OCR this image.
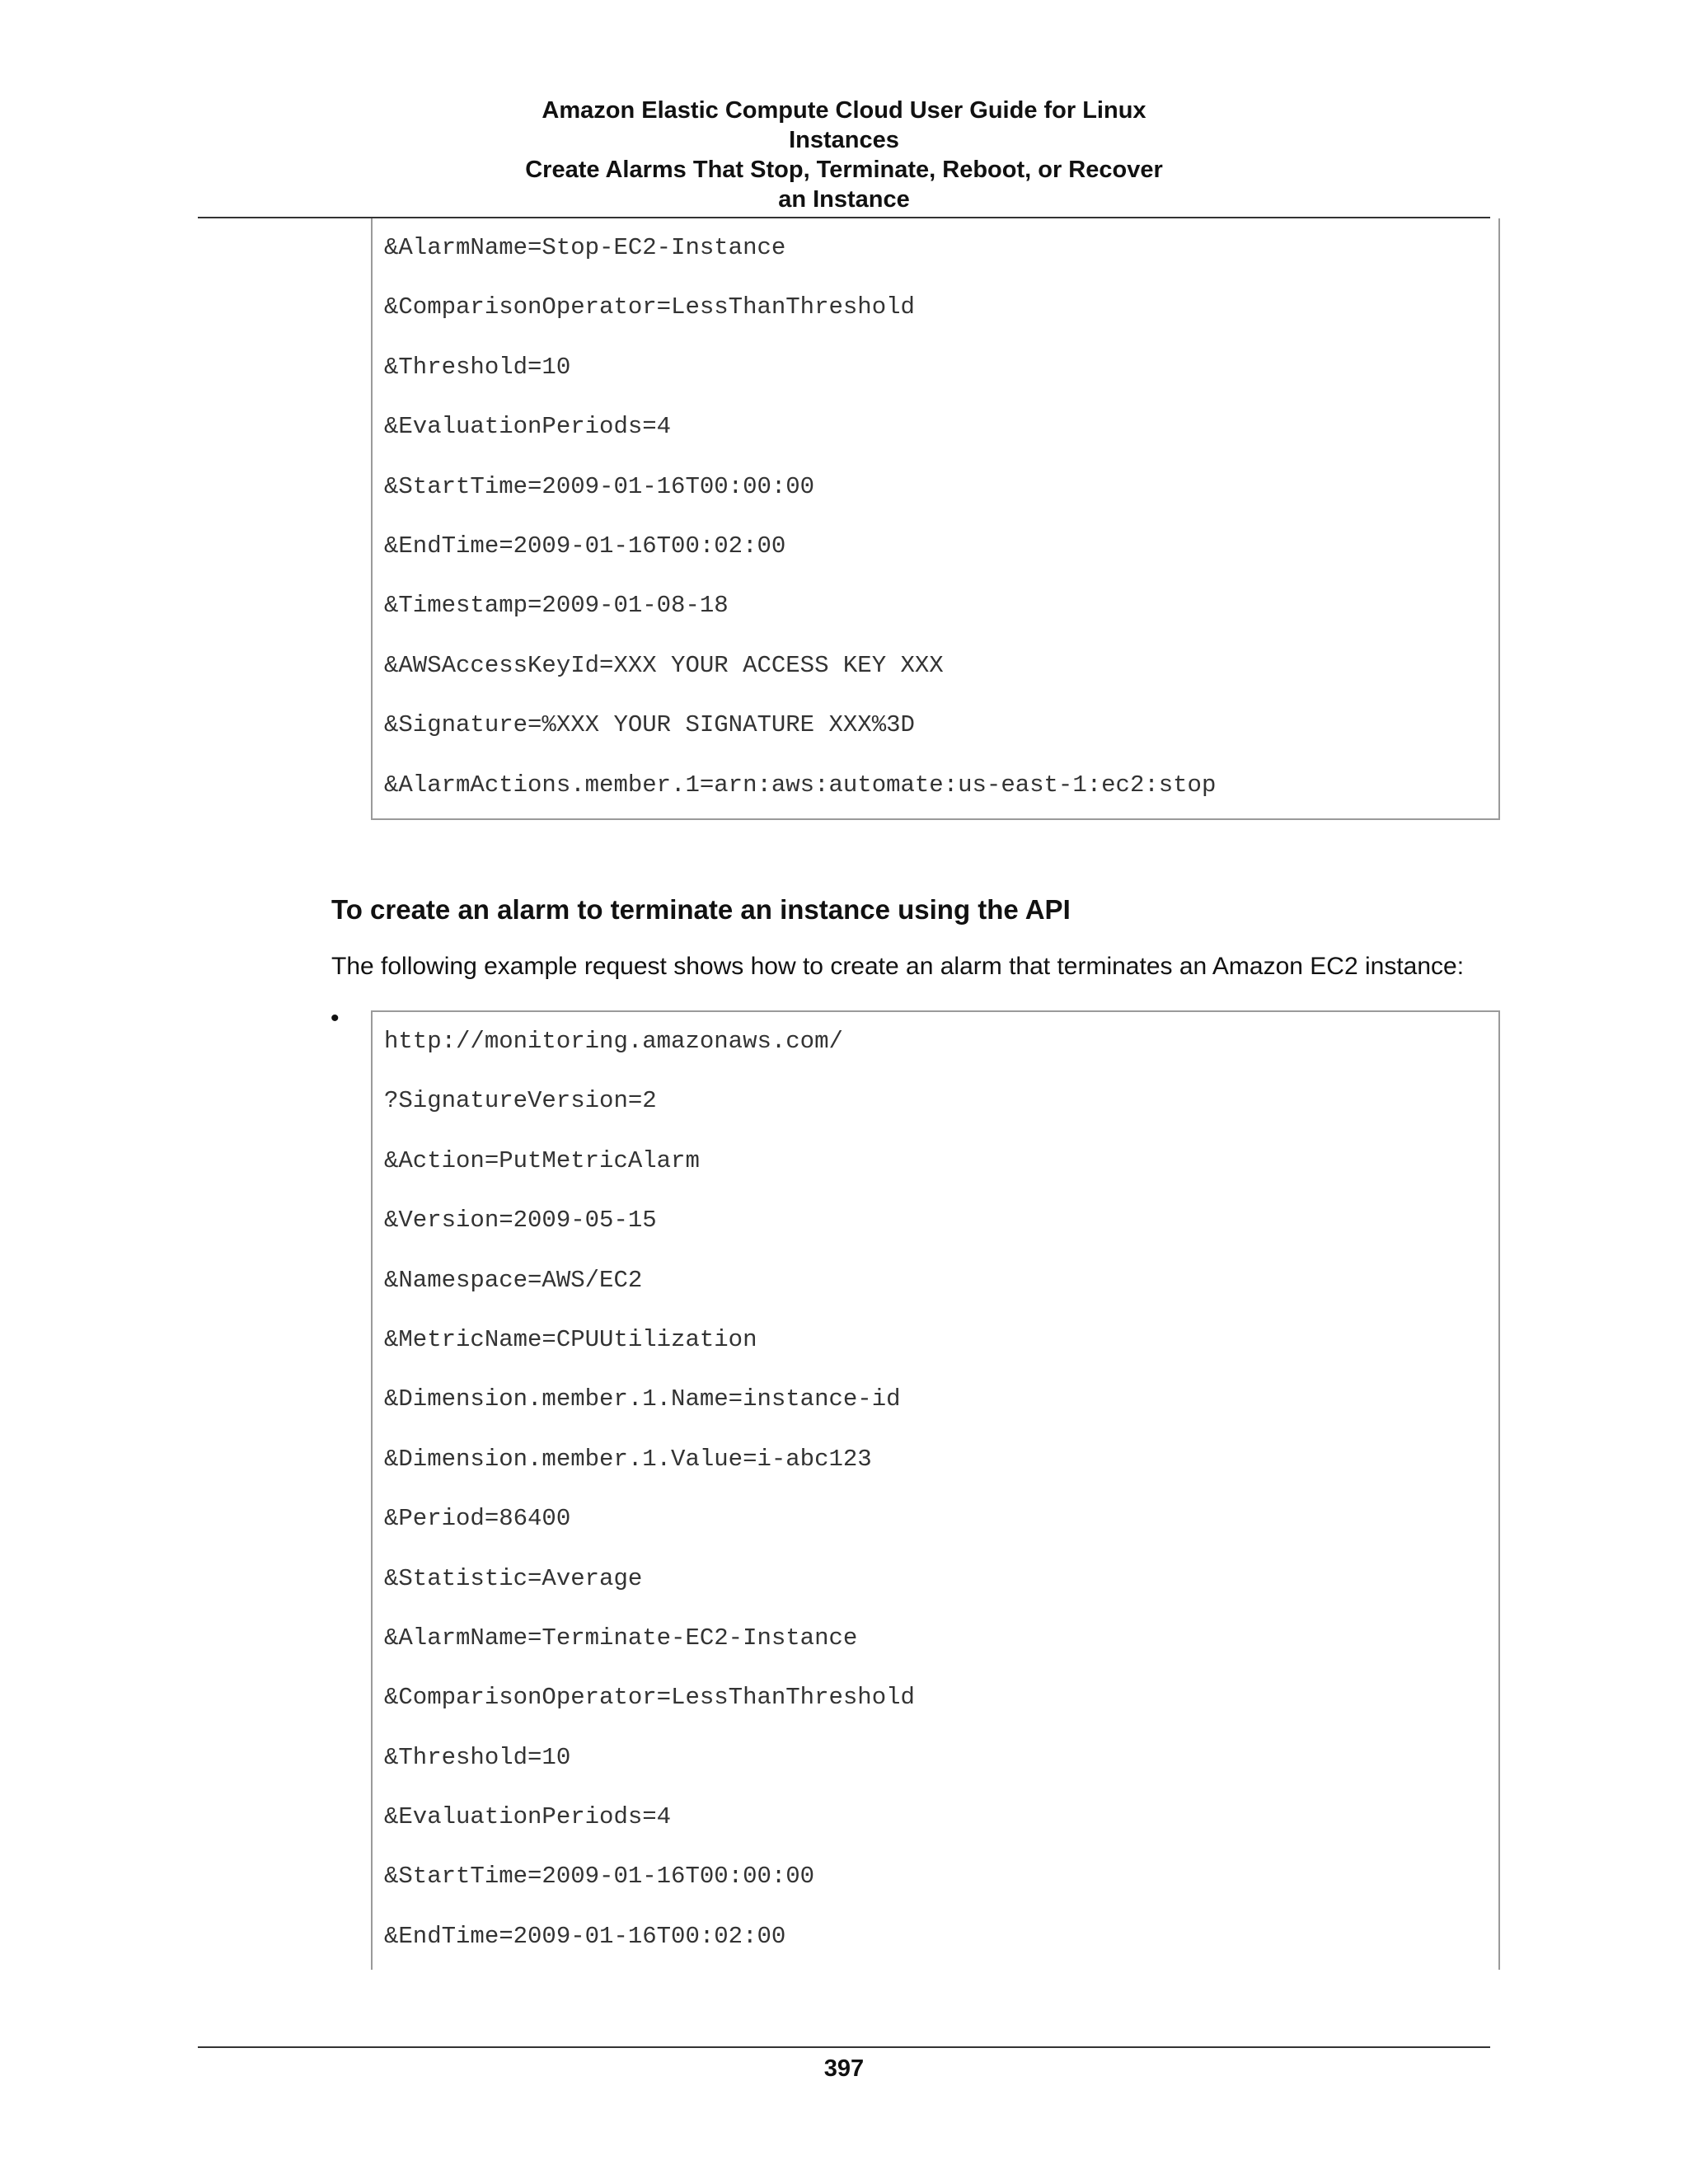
Amazon Elastic Compute Cloud User Guide for Linux
Instances
Create Alarms That Stop, Terminate, Reboot, or Recover
an Instance
&AlarmName=Stop-EC2-Instance
&ComparisonOperator=LessThanThreshold
&Threshold=10
&EvaluationPeriods=4
&StartTime=2009-01-16T00:00:00
&EndTime=2009-01-16T00:02:00
&Timestamp=2009-01-08-18
&AWSAccessKeyId=XXX YOUR ACCESS KEY XXX
&Signature=%XXX YOUR SIGNATURE XXX%3D
&AlarmActions.member.1=arn:aws:automate:us-east-1:ec2:stop
To create an alarm to terminate an instance using the API
The following example request shows how to create an alarm that terminates an Amazon EC2 instance:
•
http://monitoring.amazonaws.com/
?SignatureVersion=2
&Action=PutMetricAlarm
&Version=2009-05-15
&Namespace=AWS/EC2
&MetricName=CPUUtilization
&Dimension.member.1.Name=instance-id
&Dimension.member.1.Value=i-abc123
&Period=86400
&Statistic=Average
&AlarmName=Terminate-EC2-Instance
&ComparisonOperator=LessThanThreshold
&Threshold=10
&EvaluationPeriods=4
&StartTime=2009-01-16T00:00:00
&EndTime=2009-01-16T00:02:00
397
